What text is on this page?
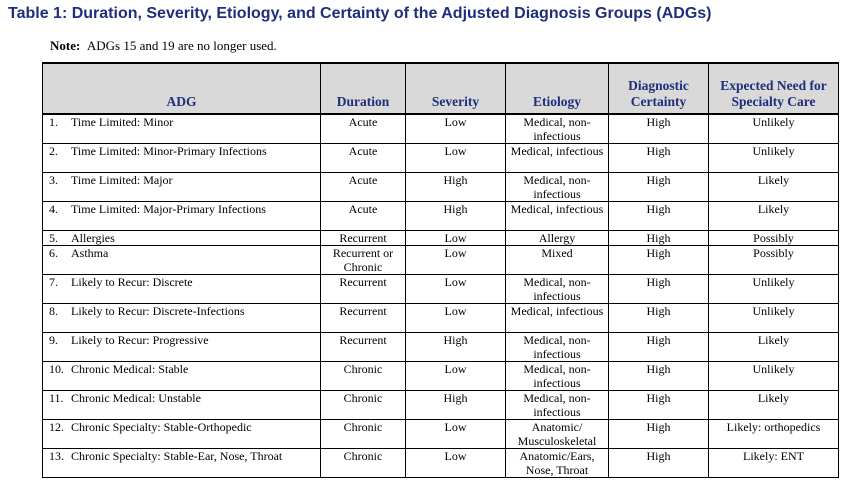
Table 1: Duration, Severity, Etiology, and Certainty of the Adjusted Diagnosis Groups (ADGs)
Note: ADGs 15 and 19 are no longer used.
ADG	Duration	Severity	Etiology	Diagnostic Certainty	Expected Need for Specialty Care
1. Time Limited: Minor	Acute	Low	Medical, non-infectious	High	Unlikely
2. Time Limited: Minor-Primary Infections	Acute	Low	Medical, infectious	High	Unlikely
3. Time Limited: Major	Acute	High	Medical, non-infectious	High	Likely
4. Time Limited: Major-Primary Infections	Acute	High	Medical, infectious	High	Likely
5. Allergies	Recurrent	Low	Allergy	High	Possibly
6. Asthma	Recurrent or Chronic	Low	Mixed	High	Possibly
7. Likely to Recur: Discrete	Recurrent	Low	Medical, non-infectious	High	Unlikely
8. Likely to Recur: Discrete-Infections	Recurrent	Low	Medical, infectious	High	Unlikely
9. Likely to Recur: Progressive	Recurrent	High	Medical, non-infectious	High	Likely
10. Chronic Medical: Stable	Chronic	Low	Medical, non-infectious	High	Unlikely
11. Chronic Medical: Unstable	Chronic	High	Medical, non-infectious	High	Likely
12. Chronic Specialty: Stable-Orthopedic	Chronic	Low	Anatomic/ Musculoskeletal	High	Likely: orthopedics
13. Chronic Specialty: Stable-Ear, Nose, Throat	Chronic	Low	Anatomic/Ears, Nose, Throat	High	Likely: ENT
